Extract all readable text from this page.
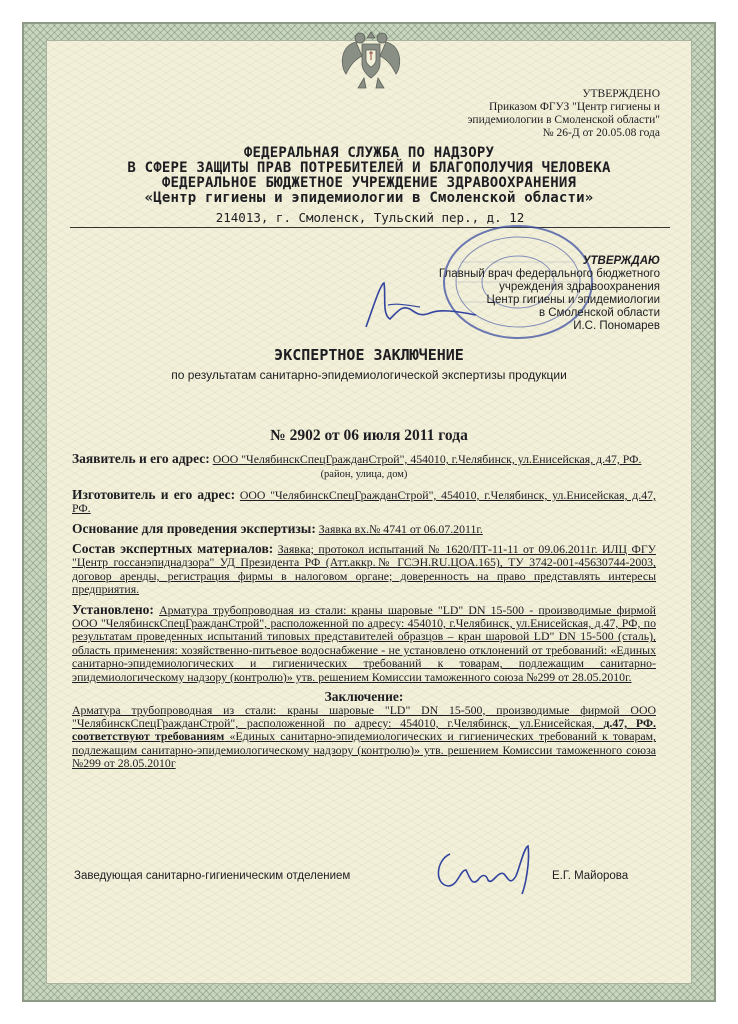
УТВЕРЖДЕНО
Приказом ФГУЗ "Центр гигиены и
эпидемиологии в Смоленской области"
№ 26-Д от 20.05.08 года
ФЕДЕРАЛЬНАЯ СЛУЖБА ПО НАДЗОРУ
В СФЕРЕ ЗАЩИТЫ ПРАВ ПОТРЕБИТЕЛЕЙ И БЛАГОПОЛУЧИЯ ЧЕЛОВЕКА
ФЕДЕРАЛЬНОЕ БЮДЖЕТНОЕ УЧРЕЖДЕНИЕ ЗДРАВООХРАНЕНИЯ
«Центр гигиены и эпидемиологии в Смоленской области»
214013, г. Смоленск, Тульский пер., д. 12
УТВЕРЖДАЮ
Главный врач федерального бюджетного
учреждения здравоохранения
Центр гигиены и эпидемиологии
в Смоленской области
И.С. Пономарев
ЭКСПЕРТНОЕ ЗАКЛЮЧЕНИЕ
по результатам санитарно-эпидемиологической экспертизы продукции
№ 2902 от 06 июля 2011 года

Заявитель и его адрес: ООО "ЧелябинскСпецГражданСтрой", 454010, г.Челябинск, ул.Енисейская, д.47, РФ.

(район, улица, дом)

Изготовитель и его адрес: ООО "ЧелябинскСпецГражданСтрой", 454010, г.Челябинск, ул.Енисейская, д.47, РФ.

Основание для проведения экспертизы: Заявка вх.№ 4741 от 06.07.2011г.

Состав экспертных материалов: Заявка; протокол испытаний № 1620/ПТ-11-11 от 09.06.2011г. ИЛЦ ФГУ "Центр госсанэпиднадзора" УД Президента РФ (Атт.аккр.№ ГСЭН.RU.ЦОА.165), ТУ 3742-001-45630744-2003, договор аренды, регистрация фирмы в налоговом органе; доверенность на право представлять интересы предприятия.

Установлено: Арматура трубопроводная из стали: краны шаровые "LD" DN 15-500 - производимые фирмой ООО "ЧелябинскСпецГражданСтрой", расположенной по адресу: 454010, г.Челябинск, ул.Енисейская, д.47, РФ, по результатам проведенных испытаний типовых представителей образцов – кран шаровой LD" DN 15-500 (сталь), область применения: хозяйственно-питьевое водоснабжение - не установлено отклонений от требований: «Единых санитарно-эпидемиологических и гигиенических требований к товарам, подлежащим санитарно-эпидемиологическому надзору (контролю)» утв. решением Комиссии таможенного союза №299 от 28.05.2010г.

Заключение:

Арматура трубопроводная из стали: краны шаровые "LD" DN 15-500, производимые фирмой ООО "ЧелябинскСпецГражданСтрой", расположенной по адресу: 454010, г.Челябинск, ул.Енисейская, д.47, РФ. соответствуют требованиям «Единых санитарно-эпидемиологических и гигиенических требований к товарам, подлежащим санитарно-эпидемиологическому надзору (контролю)» утв. решением Комиссии таможенного союза №299 от 28.05.2010г

Заведующая санитарно-гигиеническим отделением	Е.Г. Майорова
